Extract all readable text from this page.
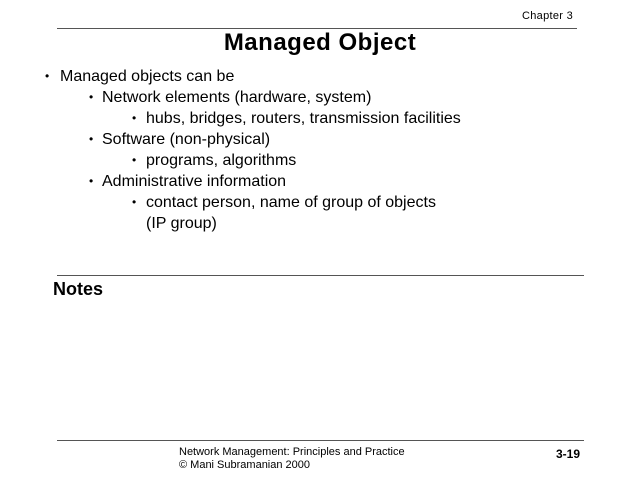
Chapter 3
Managed Object
• Managed objects can be
• Network elements (hardware, system)
• hubs, bridges, routers, transmission facilities
• Software (non-physical)
• programs, algorithms
• Administrative information
• contact person, name of group of objects
(IP group)
Notes
Network Management: Principles and Practice
© Mani Subramanian 2000
3-19
